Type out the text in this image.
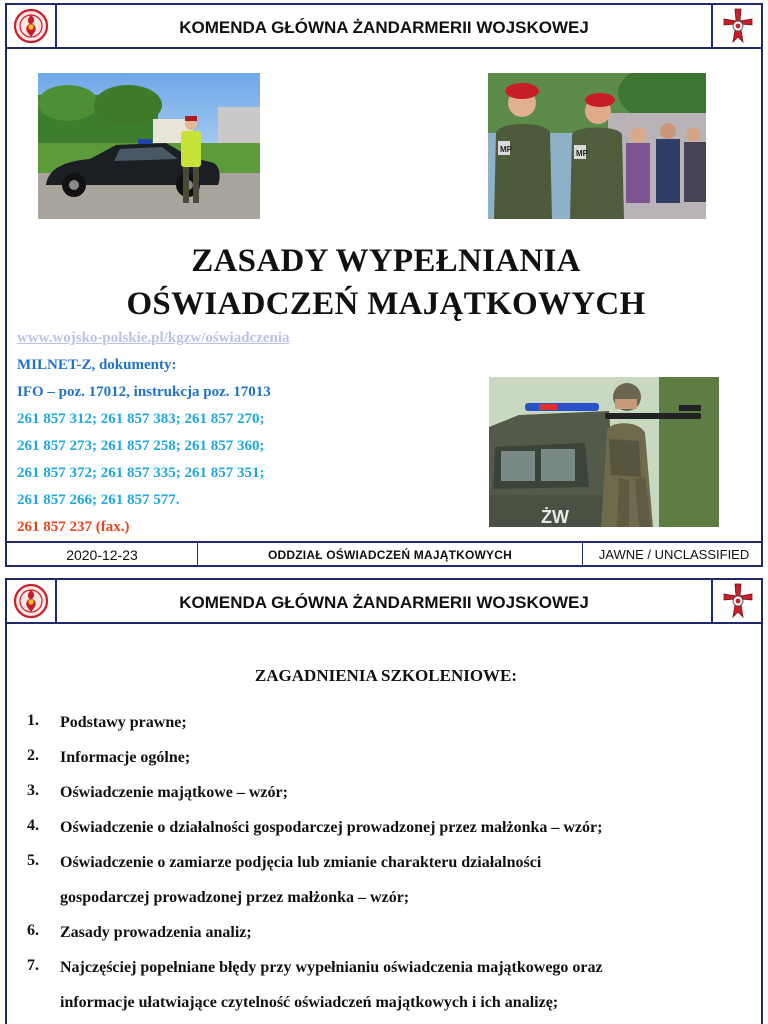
KOMENDA GŁÓWNA ŻANDARMERII WOJSKOWEJ
MP	MP
ZASADY WYPEŁNIANIA
OŚWIADCZEŃ MAJĄTKOWYCH
www.wojsko-polskie.pl/kgzw/oświadczenia
MILNET-Z, dokumenty:
IFO – poz. 17012, instrukcja poz. 17013
261 857 312; 261 857 383; 261 857 270;
261 857 273; 261 857 258; 261 857 360;
261 857 372; 261 857 335; 261 857 351;
261 857 266; 261 857 577.
261 857 237 (fax.)	ŻW
2020-12-23	ODDZIAŁ OŚWIADCZEŃ MAJĄTKOWYCH	JAWNE / UNCLASSIFIED
KOMENDA GŁÓWNA ŻANDARMERII WOJSKOWEJ
ZAGADNIENIA SZKOLENIOWE:
1.	Podstawy prawne;
2.	Informacje ogólne;
3.	Oświadczenie majątkowe – wzór;
4.	Oświadczenie o działalności gospodarczej prowadzonej przez małżonka – wzór;
5.	Oświadczenie o zamiarze podjęcia lub zmianie charakteru działalności
gospodarczej prowadzonej przez małżonka – wzór;
6.	Zasady prowadzenia analiz;
7.	Najczęściej popełniane błędy przy wypełnianiu oświadczenia majątkowego oraz
informacje ułatwiające czytelność oświadczeń majątkowych i ich analizę;
